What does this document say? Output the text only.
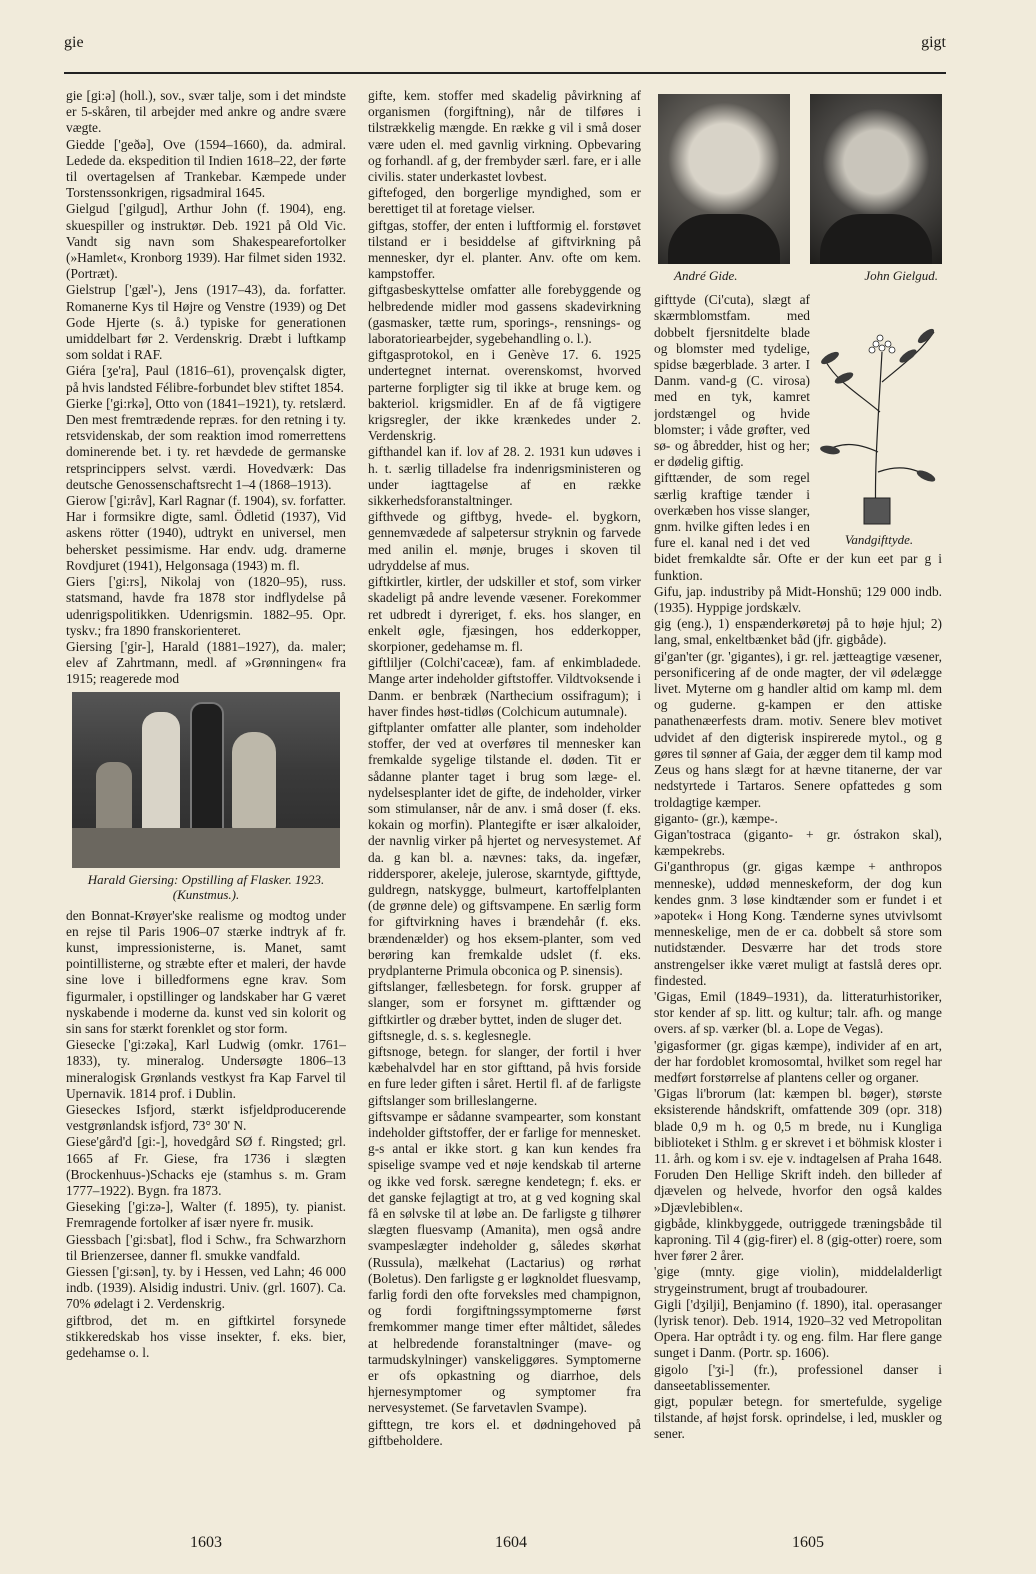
gie	gigt

gie [gi:ə] (holl.), sov., svær talje, som i det mindste er 5-skåren, til arbejder med ankre og andre svære vægte.

Giedde ['geðə], Ove (1594–1660), da. admiral. Ledede da. ekspedition til Indien 1618–22, der førte til overtagelsen af Trankebar. Kæmpede under Torstenssonkrigen, rigsadmiral 1645.

Gielgud ['gilgud], Arthur John (f. 1904), eng. skuespiller og instruktør. Deb. 1921 på Old Vic. Vandt sig navn som Shakespearefortolker (»Hamlet«, Kronborg 1939). Har filmet siden 1932. (Portræt).

Gielstrup ['gæl'-), Jens (1917–43), da. forfatter. Romanerne Kys til Højre og Venstre (1939) og Det Gode Hjerte (s. å.) typiske for generationen umiddelbart før 2. Verdenskrig. Dræbt i luftkamp som soldat i RAF.

Giéra [ʒe'ra], Paul (1816–61), provençalsk digter, på hvis landsted Félibre-forbundet blev stiftet 1854.

Gierke ['gi:rkə], Otto von (1841–1921), ty. retslærd. Den mest fremtrædende repræs. for den retning i ty. retsvidenskab, der som reaktion imod romerrettens dominerende bet. i ty. ret hævdede de germanske retsprincippers selvst. værdi. Hovedværk: Das deutsche Genossenschaftsrecht 1–4 (1868–1913).

Gierow ['gi:råv], Karl Ragnar (f. 1904), sv. forfatter. Har i formsikre digte, saml. Ödletid (1937), Vid askens rötter (1940), udtrykt en universel, men behersket pessimisme. Har endv. udg. dramerne Rovdjuret (1941), Helgonsaga (1943) m. fl.

Giers ['gi:rs], Nikolaj von (1820–95), russ. statsmand, havde fra 1878 stor indflydelse på udenrigspolitikken. Udenrigsmin. 1882–95. Opr. tyskv.; fra 1890 franskorienteret.

Giersing ['gir-], Harald (1881–1927), da. maler; elev af Zahrtmann, medl. af »Grønningen« fra 1915; reagerede mod

Harald Giersing: Opstilling af Flasker. 1923. (Kunstmus.).

den Bonnat-Krøyer'ske realisme og modtog under en rejse til Paris 1906–07 stærke indtryk af fr. kunst, impressionisterne, is. Manet, samt pointillisterne, og stræbte efter et maleri, der havde sine love i billedformens egne krav. Som figurmaler, i opstillinger og landskaber har G været nyskabende i moderne da. kunst ved sin kolorit og sin sans for stærkt forenklet og stor form.

Giesecke ['gi:zəka], Karl Ludwig (omkr. 1761–1833), ty. mineralog. Undersøgte 1806–13 mineralogisk Grønlands vestkyst fra Kap Farvel til Upernavik. 1814 prof. i Dublin.

Gieseckes Isfjord, stærkt isfjeldproducerende vestgrønlandsk isfjord, 73° 30' N.

Giese'gård'd [gi:-], hovedgård SØ f. Ringsted; grl. 1665 af Fr. Giese, fra 1736 i slægten (Brockenhuus-)Schacks eje (stamhus s. m. Gram 1777–1922). Bygn. fra 1873.

Gieseking ['gi:zə-], Walter (f. 1895), ty. pianist. Fremragende fortolker af især nyere fr. musik.

Giessbach ['gi:sbat], flod i Schw., fra Schwarzhorn til Brienzersee, danner fl. smukke vandfald.

Giessen ['gi:sən], ty. by i Hessen, ved Lahn; 46 000 indb. (1939). Alsidig industri. Univ. (grl. 1607). Ca. 70% ødelagt i 2. Verdenskrig.

giftbrod, det m. en giftkirtel forsynede stikkeredskab hos visse insekter, f. eks. bier, gedehamse o. l.

gifte, kem. stoffer med skadelig påvirkning af organismen (forgiftning), når de tilføres i tilstrækkelig mængde. En række g vil i små doser være uden el. med gavnlig virkning. Opbevaring og forhandl. af g, der frembyder særl. fare, er i alle civilis. stater underkastet lovbest.

giftefoged, den borgerlige myndighed, som er berettiget til at foretage vielser.

giftgas, stoffer, der enten i luftformig el. forstøvet tilstand er i besiddelse af giftvirkning på mennesker, dyr el. planter. Anv. ofte om kem. kampstoffer.

giftgasbeskyttelse omfatter alle forebyggende og helbredende midler mod gassens skadevirkning (gasmasker, tætte rum, sporings-, rensnings- og laboratoriearbejder, sygebehandling o. l.).

giftgasprotokol, en i Genève 17. 6. 1925 undertegnet internat. overenskomst, hvorved parterne forpligter sig til ikke at bruge kem. og bakteriol. krigsmidler. En af de få vigtigere krigsregler, der ikke krænkedes under 2. Verdenskrig.

gifthandel kan if. lov af 28. 2. 1931 kun udøves i h. t. særlig tilladelse fra indenrigsministeren og under iagttagelse af en række sikkerhedsforanstaltninger.

gifthvede og giftbyg, hvede- el. bygkorn, gennemvædede af salpetersur stryknin og farvede med anilin el. mønje, bruges i skoven til udryddelse af mus.

giftkirtler, kirtler, der udskiller et stof, som virker skadeligt på andre levende væsener. Forekommer ret udbredt i dyreriget, f. eks. hos slanger, en enkelt øgle, fjæsingen, hos edderkopper, skorpioner, gedehamse m. fl.

giftliljer (Colchi'caceæ), fam. af enkimbladede. Mange arter indeholder giftstoffer. Vildtvoksende i Danm. er benbræk (Narthecium ossifragum); i haver findes høst-tidløs (Colchicum autumnale).

giftplanter omfatter alle planter, som indeholder stoffer, der ved at overføres til mennesker kan fremkalde sygelige tilstande el. døden. Tit er sådanne planter taget i brug som læge- el. nydelsesplanter idet de gifte, de indeholder, virker som stimulanser, når de anv. i små doser (f. eks. kokain og morfin). Plantegifte er især alkaloider, der navnlig virker på hjertet og nervesystemet. Af da. g kan bl. a. nævnes: taks, da. ingefær, riddersporer, akeleje, julerose, skarntyde, gifttyde, guldregn, natskygge, bulmeurt, kartoffelplanten (de grønne dele) og giftsvampene. En særlig form for giftvirkning haves i brændehår (f. eks. brændenælder) og hos eksem-planter, som ved berøring kan fremkalde udslet (f. eks. prydplanterne Primula obconica og P. sinensis).

giftslanger, fællesbetegn. for forsk. grupper af slanger, som er forsynet m. gifttænder og giftkirtler og dræber byttet, inden de sluger det.

giftsnegle, d. s. s. keglesnegle.

giftsnoge, betegn. for slanger, der fortil i hver kæbehalvdel har en stor gifttand, på hvis forside en fure leder giften i såret. Hertil fl. af de farligste giftslanger som brilleslangerne.

giftsvampe er sådanne svampearter, som konstant indeholder giftstoffer, der er farlige for mennesket. g-s antal er ikke stort. g kan kun kendes fra spiselige svampe ved et nøje kendskab til arterne og ikke ved forsk. særegne kendetegn; f. eks. er det ganske fejlagtigt at tro, at g ved kogning skal få en sølvske til at løbe an. De farligste g tilhører slægten fluesvamp (Amanita), men også andre svampeslægter indeholder g, således skørhat (Russula), mælkehat (Lactarius) og rørhat (Boletus). Den farligste g er løgknoldet fluesvamp, farlig fordi den ofte forveksles med champignon, og fordi forgiftningssymptomerne først fremkommer mange timer efter måltidet, således at helbredende foranstaltninger (mave- og tarmudskylninger) vanskeliggøres. Symptomerne er ofs opkastning og diarrhoe, dels hjernesymptomer og symptomer fra nervesystemet. (Se farvetavlen Svampe).

gifttegn, tre kors el. et dødningehoved på giftbeholdere.

André Gide.	John Gielgud.
Vandgifttyde.

gifttyde (Ci'cuta), slægt af skærmblomstfam. med dobbelt fjersnitdelte blade og blomster med tydelige, spidse bægerblade. 3 arter. I Danm. vand-g (C. virosa) med en tyk, kamret jordstængel og hvide blomster; i våde grøfter, ved sø- og åbredder, hist og her; er dødelig giftig.

gifttænder, de som regel særlig kraftige tænder i overkæben hos visse slanger, gnm. hvilke giften ledes i en fure el. kanal ned i det ved bidet fremkaldte sår. Ofte er der kun eet par g i funktion.

Gifu, jap. industriby på Midt-Honshū; 129 000 indb. (1935). Hyppige jordskælv.

gig (eng.), 1) enspænderkøretøj på to høje hjul; 2) lang, smal, enkeltbænket båd (jfr. gigbåde).

gi'gan'ter (gr. 'gigantes), i gr. rel. jætteagtige væsener, personificering af de onde magter, der vil ødelægge livet. Myterne om g handler altid om kamp ml. dem og guderne. g-kampen er den attiske panathenæerfests dram. motiv. Senere blev motivet udvidet af den digterisk inspirerede mytol., og g gøres til sønner af Gaia, der ægger dem til kamp mod Zeus og hans slægt for at hævne titanerne, der var nedstyrtede i Tartaros. Senere opfattedes g som troldagtige kæmper.

giganto- (gr.), kæmpe-.

Gigan'tostraca (giganto- + gr. óstrakon skal), kæmpekrebs.

Gi'ganthropus (gr. gigas kæmpe + anthropos menneske), uddød menneskeform, der dog kun kendes gnm. 3 løse kindtænder som er fundet i et »apotek« i Hong Kong. Tænderne synes utvivlsomt menneskelige, men de er ca. dobbelt så store som nutidstænder. Desværre har det trods store anstrengelser ikke været muligt at fastslå deres opr. findested.

'Gigas, Emil (1849–1931), da. litteraturhistoriker, stor kender af sp. litt. og kultur; talr. afh. og mange overs. af sp. værker (bl. a. Lope de Vegas).

'gigasformer (gr. gigas kæmpe), individer af en art, der har fordoblet kromosomtal, hvilket som regel har medført forstørrelse af plantens celler og organer.

'Gigas li'brorum (lat: kæmpen bl. bøger), største eksisterende håndskrift, omfattende 309 (opr. 318) blade 0,9 m h. og 0,5 m brede, nu i Kungliga biblioteket i Sthlm. g er skrevet i et böhmisk kloster i 11. årh. og kom i sv. eje v. indtagelsen af Praha 1648. Foruden Den Hellige Skrift indeh. den billeder af djævelen og helvede, hvorfor den også kaldes »Djævlebiblen«.

gigbåde, klinkbyggede, outriggede træningsbåde til kaproning. Til 4 (gig-firer) el. 8 (gig-otter) roere, som hver fører 2 årer.

'gige (mnty. gige violin), middelalderligt strygeinstrument, brugt af troubadourer.

Gigli ['dʒilji], Benjamino (f. 1890), ital. operasanger (lyrisk tenor). Deb. 1914, 1920–32 ved Metropolitan Opera. Har optrådt i ty. og eng. film. Har flere gange sunget i Danm. (Portr. sp. 1606).

gigolo ['ʒi-] (fr.), professionel danser i danseetablissementer.

gigt, populær betegn. for smertefulde, sygelige tilstande, af højst forsk. oprindelse, i led, muskler og sener.

1603	1604	1605
